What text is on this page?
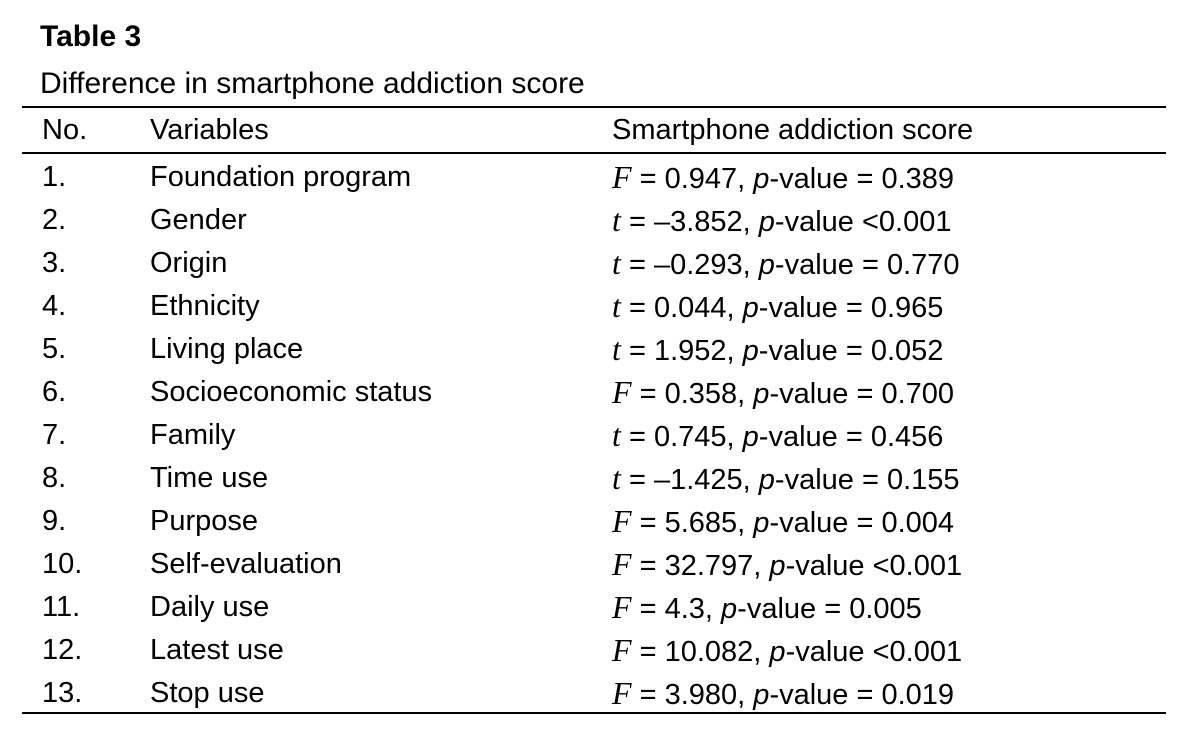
Table 3
Difference in smartphone addiction score
No. Variables	Smartphone addiction score
1.	Foundation program	F = 0.947, p-value = 0.389
2.	Gender	t = –3.852, p-value <0.001
3.	Origin	t = –0.293, p-value = 0.770
4.	Ethnicity	t = 0.044, p-value = 0.965
5.	Living place	t = 1.952, p-value = 0.052
6.	Socioeconomic status	F = 0.358, p-value = 0.700
7.	Family	t = 0.745, p-value = 0.456
8.	Time use	t = –1.425, p-value = 0.155
9.	Purpose	F = 5.685, p-value = 0.004
10. Self-evaluation	F = 32.797, p-value <0.001
11. Daily use	F = 4.3, p-value = 0.005
12. Latest use	F = 10.082, p-value <0.001
13. Stop use	F = 3.980, p-value = 0.019
